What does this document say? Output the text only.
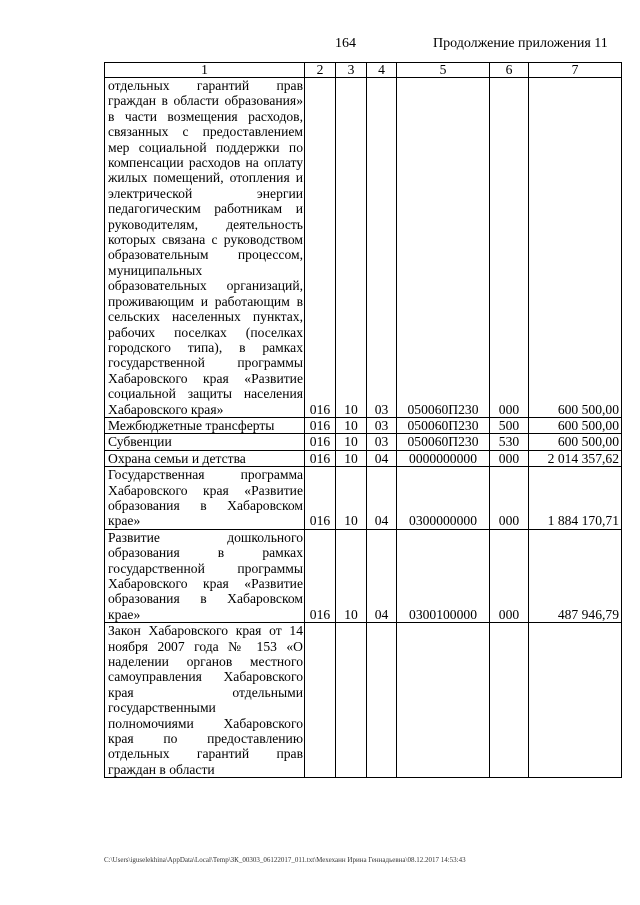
164	Продолжение приложения 11
1	2	3	4	5	6	7
отдельных гарантий прав граждан в области образования» в части возмещения расходов, связанных с предоставлением мер социальной поддержки по компенсации расходов на оплату жилых помещений, отопления и электрической энергии педагогическим работникам и руководителям, деятельность которых связана с руководством образовательным процессом, муниципальных образовательных организаций, проживающим и работающим в сельских населенных пунктах, рабочих поселках (поселках городского типа), в рамках государственной программы Хабаровского края «Развитие социальной защиты населения Хабаровского края»	016	10	03	050060П230	000	600 500,00
Межбюджетные трансферты	016	10	03	050060П230	500	600 500,00
Субвенции	016	10	03	050060П230	530	600 500,00
Охрана семьи и детства	016	10	04	0000000000	000	2 014 357,62
Государственная программа Хабаровского края «Развитие образования в Хабаровском крае»	016	10	04	0300000000	000	1 884 170,71
Развитие дошкольного образования в рамках государственной программы Хабаровского края «Развитие образования в Хабаровском крае»	016	10	04	0300100000	000	487 946,79
Закон Хабаровского края от 14 ноября 2007 года № 153 «О наделении органов местного самоуправления Хабаровского края отдельными государственными полномочиями Хабаровского края по предоставлению отдельных гарантий прав граждан в области						
C:\Users\iguselekhina\AppData\Local\Temp\ЗК_00303_06122017_011.txt\Мехеханн Ирина Геннадьевна\08.12.2017 14:53:43
